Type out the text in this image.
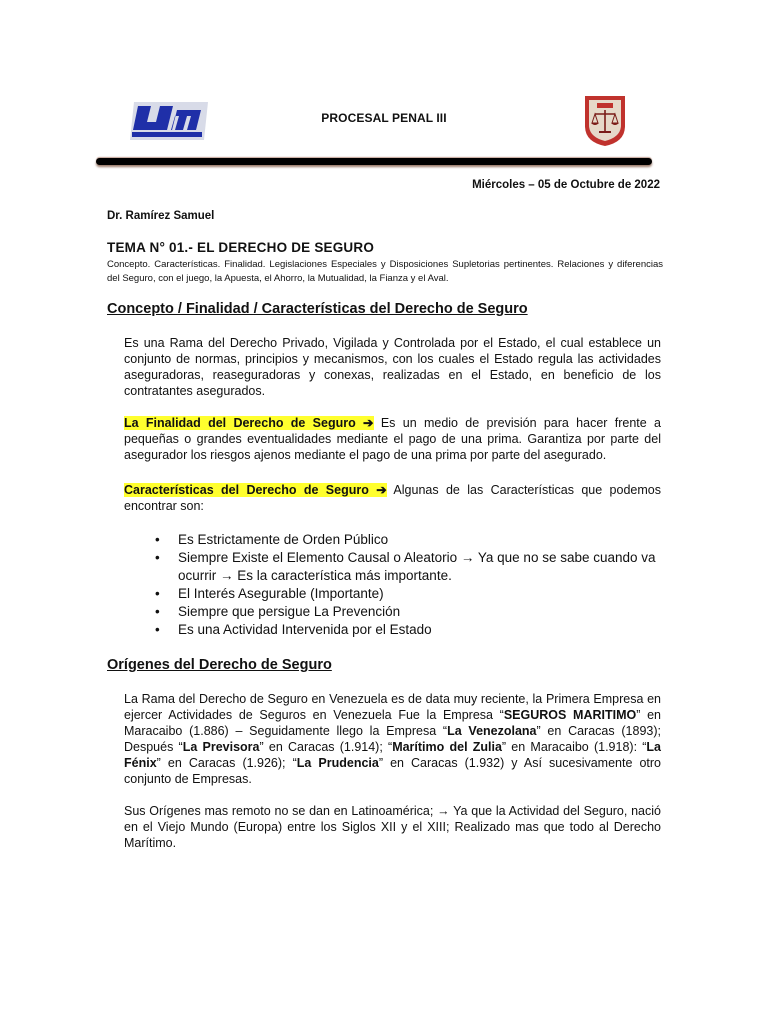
PROCESAL PENAL III
Miércoles – 05 de Octubre de 2022
Dr. Ramírez Samuel
TEMA N° 01.- EL DERECHO DE SEGURO
Concepto. Características. Finalidad. Legislaciones Especiales y Disposiciones Supletorias pertinentes. Relaciones y diferencias del Seguro, con el juego, la Apuesta, el Ahorro, la Mutualidad, la Fianza y el Aval.
Concepto / Finalidad / Características del Derecho de Seguro
Es una Rama del Derecho Privado, Vigilada y Controlada por el Estado, el cual establece un conjunto de normas, principios y mecanismos, con los cuales el Estado regula las actividades aseguradoras, reaseguradoras y conexas, realizadas en el Estado, en beneficio de los contratantes asegurados.
La Finalidad del Derecho de Seguro ➔ Es un medio de previsión para hacer frente a pequeñas o grandes eventualidades mediante el pago de una prima. Garantiza por parte del asegurador los riesgos ajenos mediante el pago de una prima por parte del asegurado.
Características del Derecho de Seguro ➔ Algunas de las Características que podemos encontrar son:
• Es Estrictamente de Orden Público
• Siempre Existe el Elemento Causal o Aleatorio → Ya que no se sabe cuando va ocurrir → Es la característica más importante.
• El Interés Asegurable (Importante)
• Siempre que persigue La Prevención
• Es una Actividad Intervenida por el Estado
Orígenes del Derecho de Seguro
La Rama del Derecho de Seguro en Venezuela es de data muy reciente, la Primera Empresa en ejercer Actividades de Seguros en Venezuela Fue la Empresa “SEGUROS MARITIMO” en Maracaibo (1.886) – Seguidamente llego la Empresa “La Venezolana” en Caracas (1893); Después “La Previsora” en Caracas (1.914); “Marítimo del Zulia” en Maracaibo (1.918): “La Fénix” en Caracas (1.926); “La Prudencia” en Caracas (1.932) y Así sucesivamente otro conjunto de Empresas.
Sus Orígenes mas remoto no se dan en Latinoamérica; → Ya que la Actividad del Seguro, nació en el Viejo Mundo (Europa) entre los Siglos XII y el XIII; Realizado mas que todo al Derecho Marítimo.
